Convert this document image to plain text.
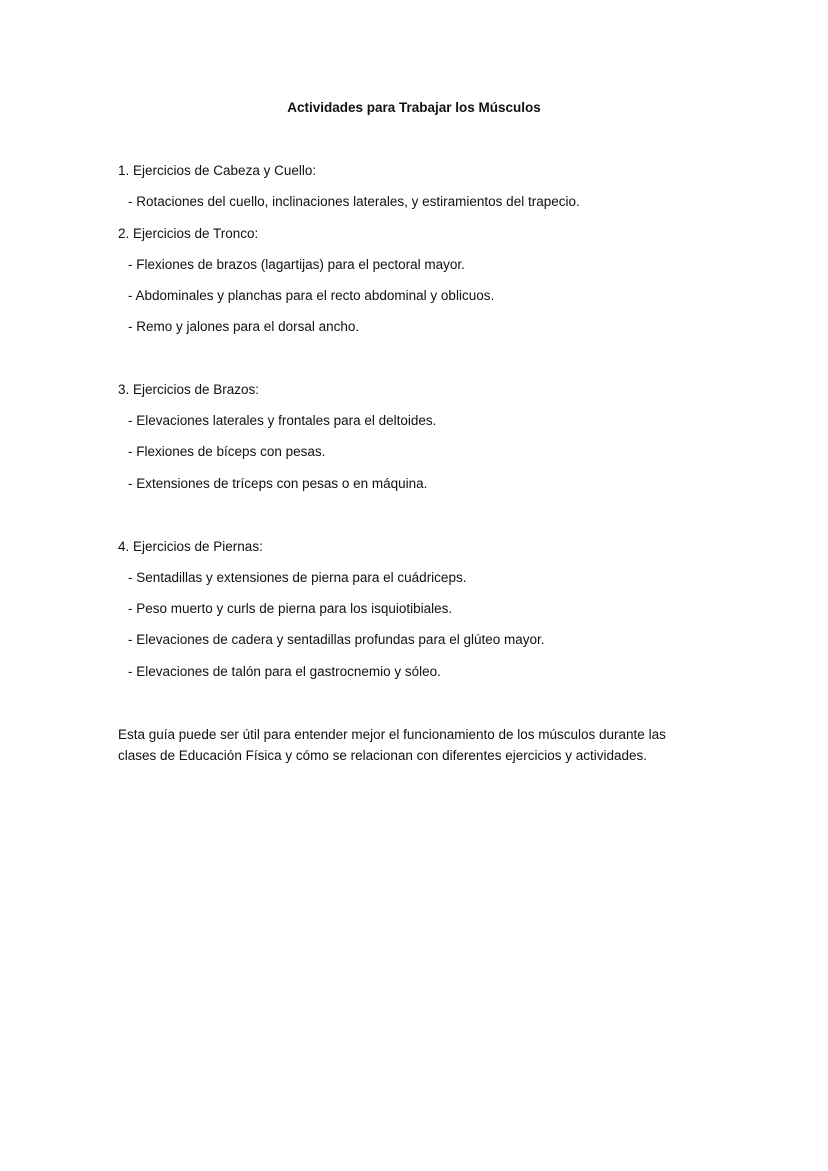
Actividades para Trabajar los Músculos
1. Ejercicios de Cabeza y Cuello:
- Rotaciones del cuello, inclinaciones laterales, y estiramientos del trapecio.
2. Ejercicios de Tronco:
- Flexiones de brazos (lagartijas) para el pectoral mayor.
- Abdominales y planchas para el recto abdominal y oblicuos.
- Remo y jalones para el dorsal ancho.
3. Ejercicios de Brazos:
- Elevaciones laterales y frontales para el deltoides.
- Flexiones de bíceps con pesas.
- Extensiones de tríceps con pesas o en máquina.
4. Ejercicios de Piernas:
- Sentadillas y extensiones de pierna para el cuádriceps.
- Peso muerto y curls de pierna para los isquiotibiales.
- Elevaciones de cadera y sentadillas profundas para el glúteo mayor.
- Elevaciones de talón para el gastrocnemio y sóleo.
Esta guía puede ser útil para entender mejor el funcionamiento de los músculos durante las
clases de Educación Física y cómo se relacionan con diferentes ejercicios y actividades.
